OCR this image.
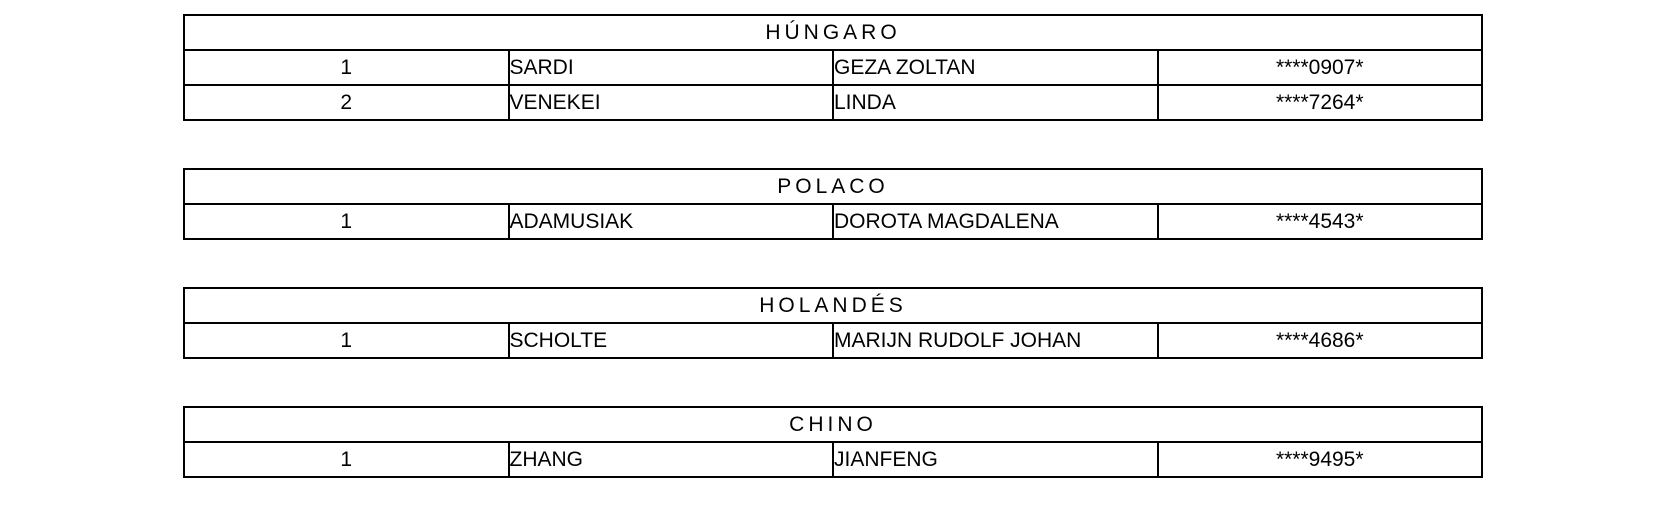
HÚNGARO			
1	SARDI	GEZA ZOLTAN	****0907*
2	VENEKEI	LINDA	****7264*
POLACO
1	ADAMUSIAK	DOROTA MAGDALENA	****4543*
HOLANDÉS
1	SCHOLTE	MARIJN RUDOLF JOHAN	****4686*
CHINO
1	ZHANG	JIANFENG	****9495*
